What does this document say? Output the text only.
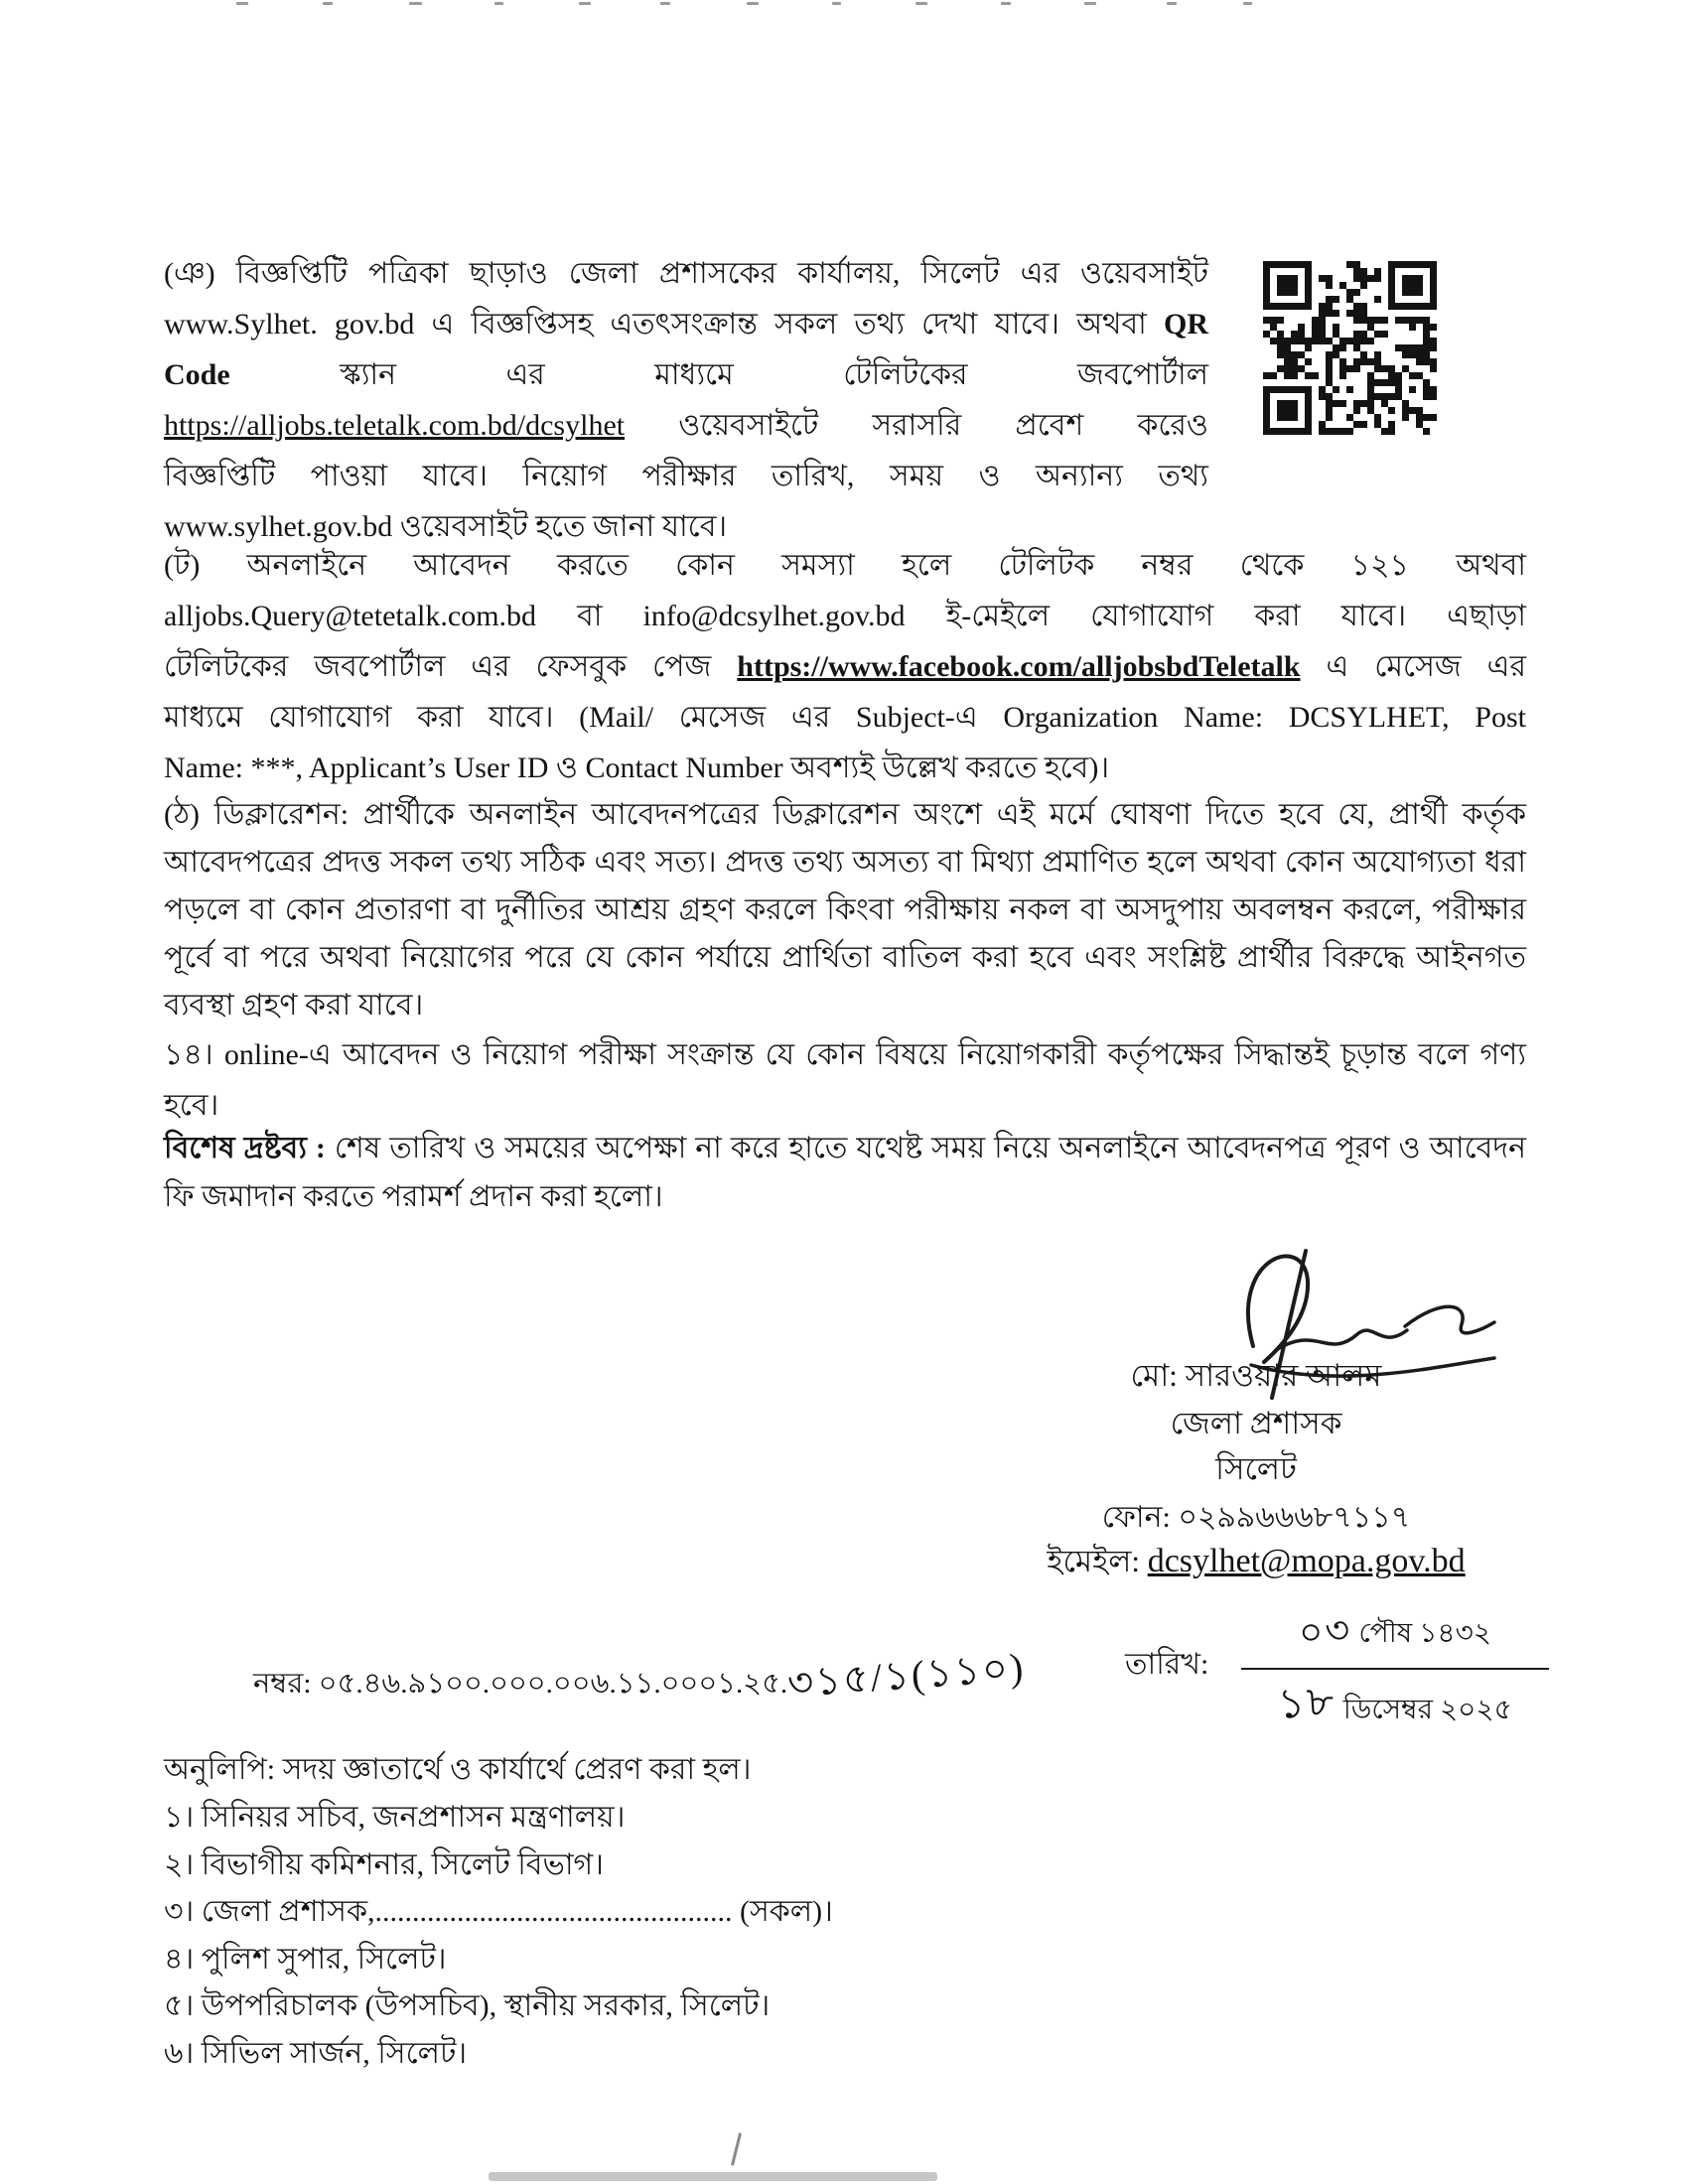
(ঞ) বিজ্ঞপ্তিটি পত্রিকা ছাড়াও জেলা প্রশাসকের কার্যালয়, সিলেট এর ওয়েবসাইট
www.Sylhet. gov.bd এ বিজ্ঞপ্তিসহ এতৎসংক্রান্ত সকল তথ্য দেখা যাবে। অথবা QR
Code	স্ক্যান	এর	মাধ্যমে	টেলিটকের	জবপোর্টাল
https://alljobs.teletalk.com.bd/dcsylhet ওয়েবসাইটে সরাসরি প্রবেশ করেও
বিজ্ঞপ্তিটি পাওয়া যাবে। নিয়োগ পরীক্ষার তারিখ, সময় ও অন্যান্য তথ্য
www.sylhet.gov.bd ওয়েবসাইট হতে জানা যাবে।
(ট) অনলাইনে আবেদন করতে কোন সমস্যা হলে টেলিটক নম্বর থেকে ১২১ অথবা
alljobs.Query@tetetalk.com.bd বা info@dcsylhet.gov.bd ই-মেইলে যোগাযোগ করা যাবে। এছাড়া
টেলিটকের জবপোর্টাল এর ফেসবুক পেজ https://www.facebook.com/alljobsbdTeletalk এ মেসেজ এর
মাধ্যমে যোগাযোগ করা যাবে। (Mail/ মেসেজ এর Subject-এ Organization Name: DCSYLHET, Post
Name: ***, Applicant’s User ID ও Contact Number অবশ্যই উল্লেখ করতে হবে)।
(ঠ) ডিক্লারেশন: প্রার্থীকে অনলাইন আবেদনপত্রের ডিক্লারেশন অংশে এই মর্মে ঘোষণা দিতে হবে যে, প্রার্থী কর্তৃক
আবেদপত্রের প্রদত্ত সকল তথ্য সঠিক এবং সত্য। প্রদত্ত তথ্য অসত্য বা মিথ্যা প্রমাণিত হলে অথবা কোন অযোগ্যতা ধরা
পড়লে বা কোন প্রতারণা বা দুর্নীতির আশ্রয় গ্রহণ করলে কিংবা পরীক্ষায় নকল বা অসদুপায় অবলম্বন করলে, পরীক্ষার
পূর্বে বা পরে অথবা নিয়োগের পরে যে কোন পর্যায়ে প্রার্থিতা বাতিল করা হবে এবং সংশ্লিষ্ট প্রার্থীর বিরুদ্ধে আইনগত
ব্যবস্থা গ্রহণ করা যাবে।
১৪। online-এ আবেদন ও নিয়োগ পরীক্ষা সংক্রান্ত যে কোন বিষয়ে নিয়োগকারী কর্তৃপক্ষের সিদ্ধান্তই চূড়ান্ত বলে গণ্য
হবে।
বিশেষ দ্রষ্টব্য : শেষ তারিখ ও সময়ের অপেক্ষা না করে হাতে যথেষ্ট সময় নিয়ে অনলাইনে আবেদনপত্র পূরণ ও আবেদন
ফি জমাদান করতে পরামর্শ প্রদান করা হলো।
মো: সারওয়ার আলম
জেলা প্রশাসক
সিলেট
ফোন: ০২৯৯৬৬৬৮৭১১৭
ইমেইল: dcsylhet@mopa.gov.bd
নম্বর: ০৫.৪৬.৯১০০.০০০.০০৬.১১.০০০১.২৫.৩১৫/১(১১০)	তারিখ:
০৩ পৌষ ১৪৩২
১৮ ডিসেম্বর ২০২৫
অনুলিপি: সদয় জ্ঞাতার্থে ও কার্যার্থে প্রেরণ করা হল।
১। সিনিয়র সচিব, জনপ্রশাসন মন্ত্রণালয়।
২। বিভাগীয় কমিশনার, সিলেট বিভাগ।
৩। জেলা প্রশাসক,................................................ (সকল)।
৪। পুলিশ সুপার, সিলেট।
৫। উপপরিচালক (উপসচিব), স্থানীয় সরকার, সিলেট।
৬। সিভিল সার্জন, সিলেট।
